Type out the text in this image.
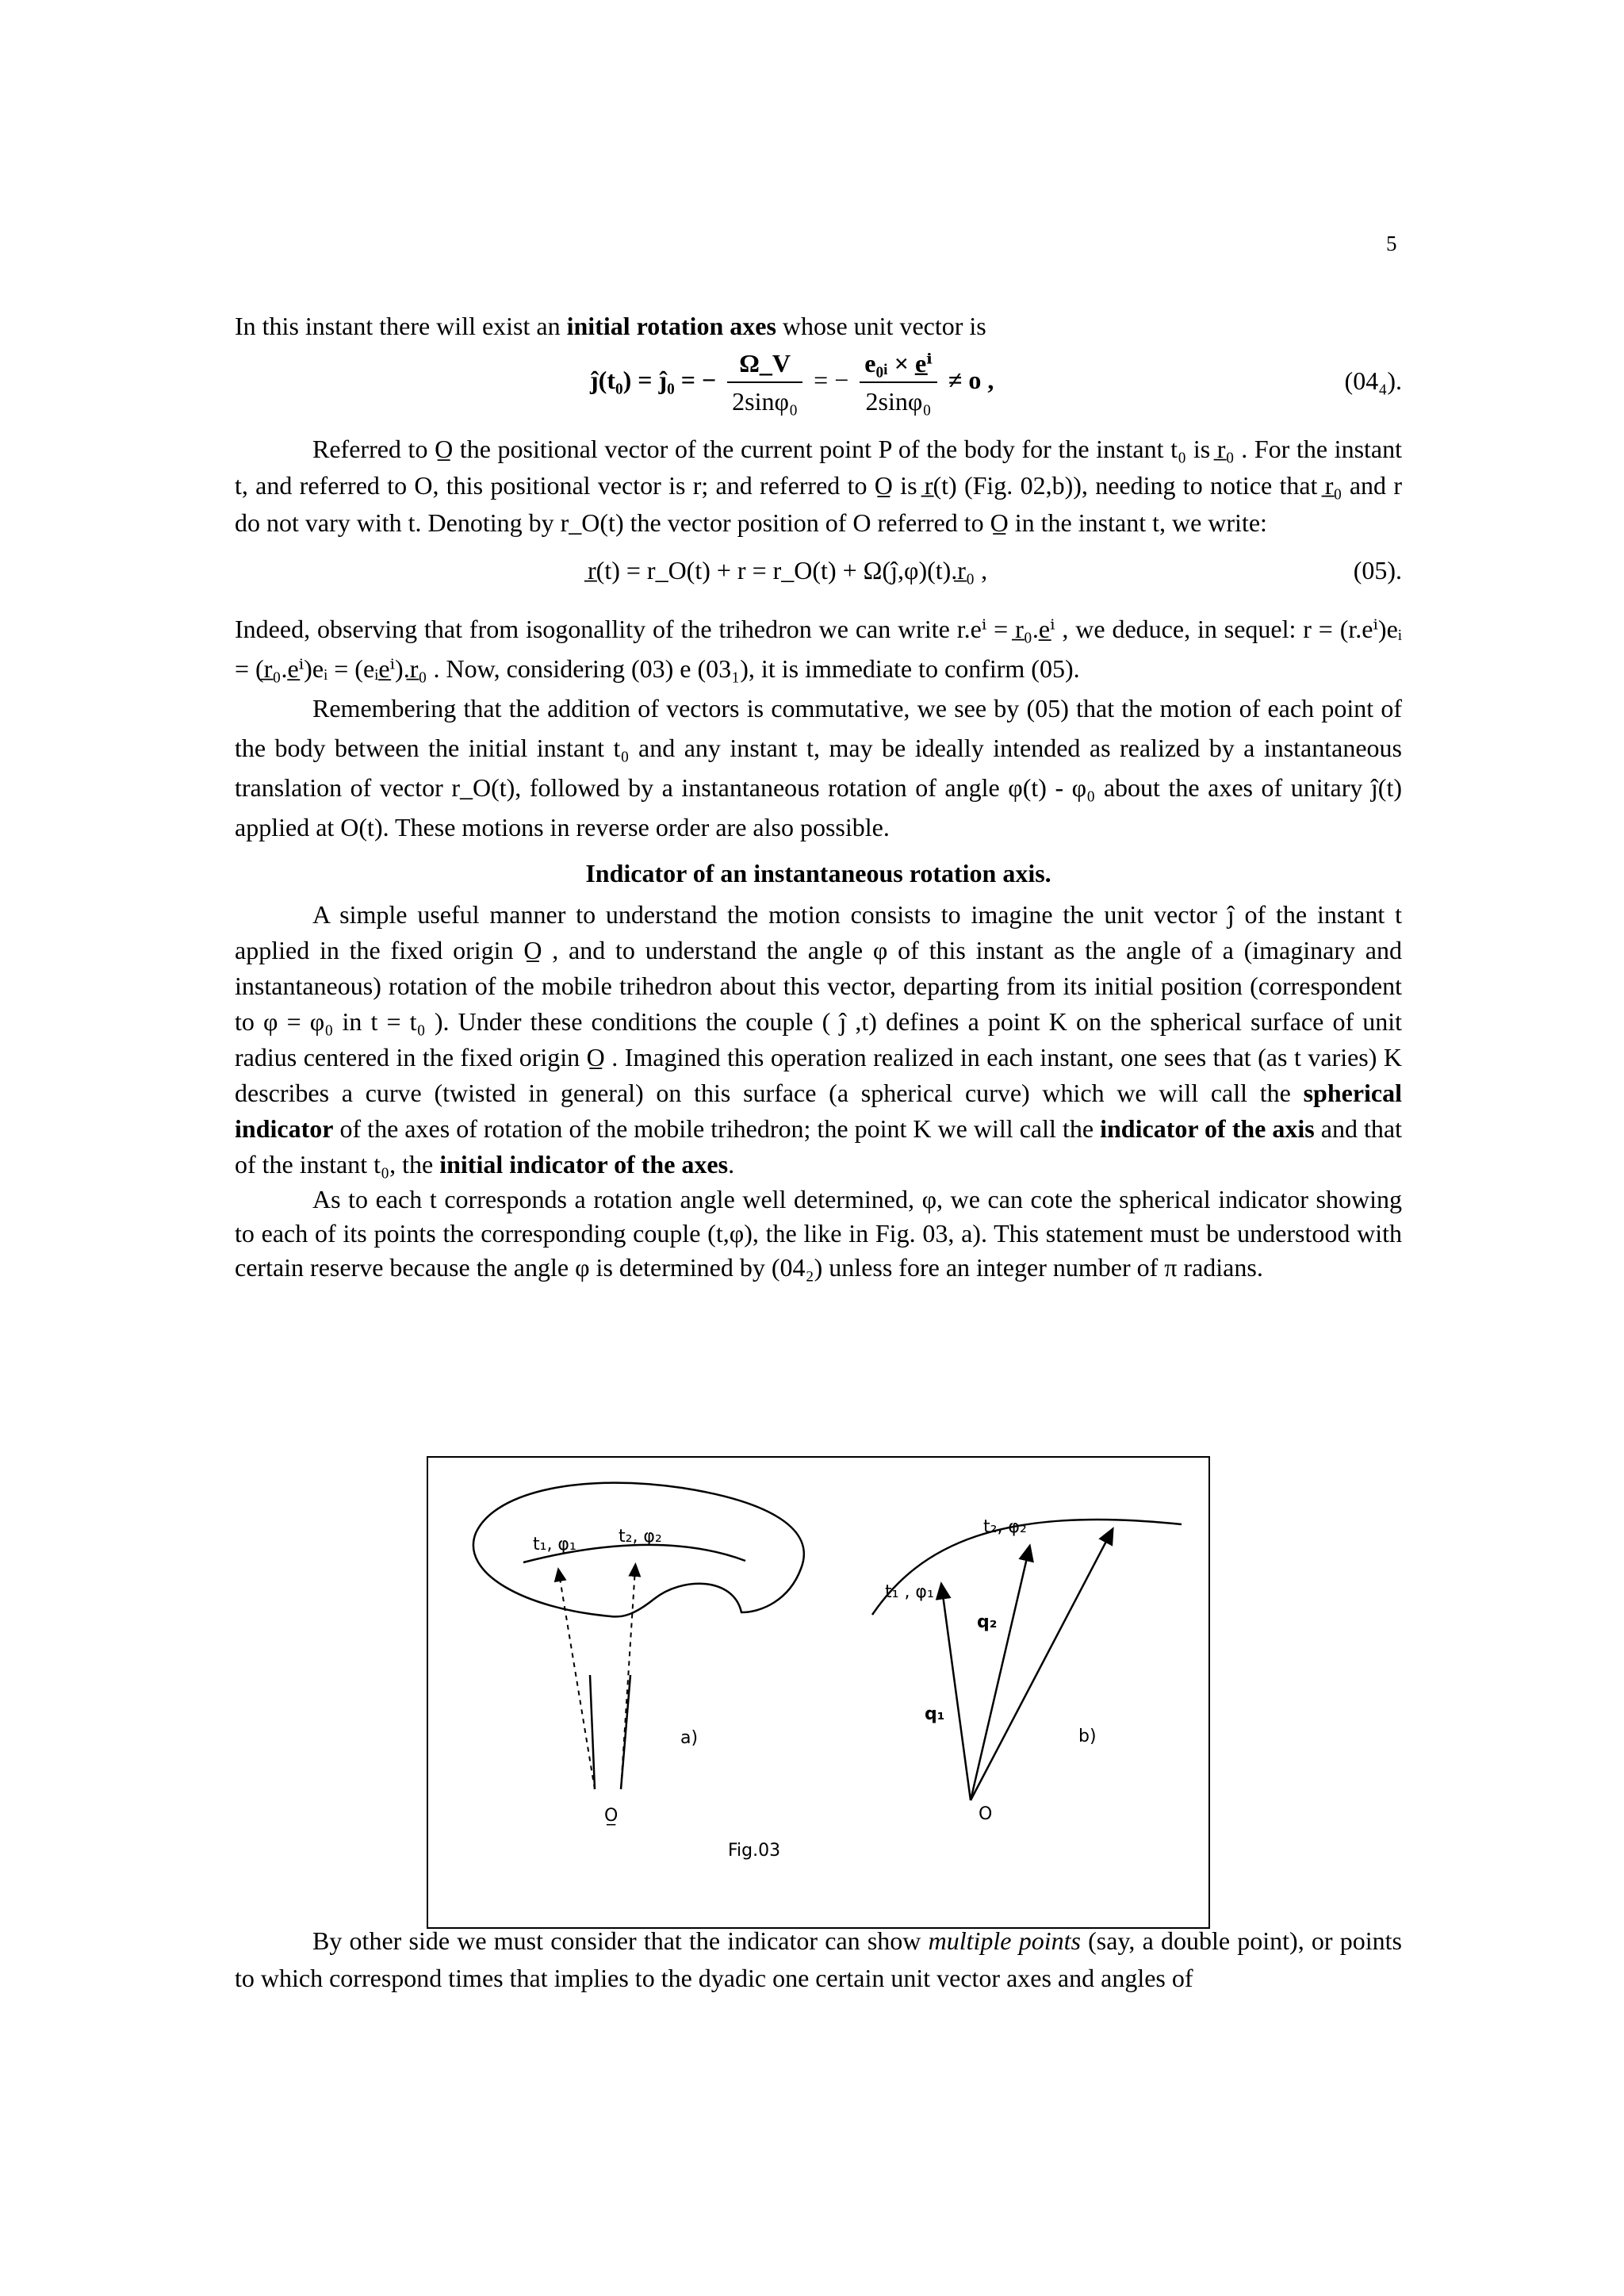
5

In this instant there will exist an initial rotation axes whose unit vector is

ĵ(t₀) = ĵ₀ = − $\frac{\Omega\_V}{\text{2sinφ₀}}$ = − $\frac{\text{e₀ᵢ × e̲ⁱ}}{\text{2sinφ₀}} \ne o$ ,	(04₄).

Referred to O̲ the positional vector of the current point P of the body for the instant t₀ is r̲₀ . For the instant t, and referred to O, this positional vector is r; and referred to O̲ is r̲(t) (Fig. 02,b)), needing to notice that r̲₀ and r do not vary with t. Denoting by r_O(t) the vector position of O referred to O̲ in the instant t, we write:

r̲(t) = r_O(t) + r = r_O(t) + Ω(ĵ,φ)(t).r̲₀ ,	(05).

Indeed, observing that from isogonallity of the trihedron we can write r.eⁱ = r̲₀.e̲ⁱ , we deduce, in sequel: r = (r.eⁱ)eᵢ = (r̲₀.e̲ⁱ)eᵢ = (eᵢe̲ⁱ).r̲₀ . Now, considering (03) e (03₁), it is immediate to confirm (05).

Remembering that the addition of vectors is commutative, we see by (05) that the motion of each point of the body between the initial instant t₀ and any instant t, may be ideally intended as realized by a instantaneous translation of vector r_O(t), followed by a instantaneous rotation of angle φ(t) - φ₀ about the axes of unitary ĵ(t) applied at O(t). These motions in reverse order are also possible.

Indicator of an instantaneous rotation axis.

A simple useful manner to understand the motion consists to imagine the unit vector ĵ of the instant t applied in the fixed origin O̲ , and to understand the angle φ of this instant as the angle of a (imaginary and instantaneous) rotation of the mobile trihedron about this vector, departing from its initial position (correspondent to φ = φ₀ in t = t₀ ). Under these conditions the couple ( ĵ ,t) defines a point K on the spherical surface of unit radius centered in the fixed origin O̲ . Imagined this operation realized in each instant, one sees that (as t varies) K describes a curve (twisted in general) on this surface (a spherical curve) which we will call the spherical indicator of the axes of rotation of the mobile trihedron; the point K we will call the indicator of the axis and that of the instant t₀, the initial indicator of the axes.

As to each t corresponds a rotation angle well determined, φ, we can cote the spherical indicator showing to each of its points the corresponding couple (t,φ), the like in Fig. 03, a). This statement must be understood with certain reserve because the angle φ is determined by (04₂) unless fore an integer number of π radians.

t₁, φ₁ t₂, φ₂
O̲
a)
t₁ , φ₁
t₂, φ₂
q₁
q₂
O
b)
Fig.03

By other side we must consider that the indicator can show multiple points (say, a double point), or points to which correspond times that implies to the dyadic one certain unit vector axes and angles of
